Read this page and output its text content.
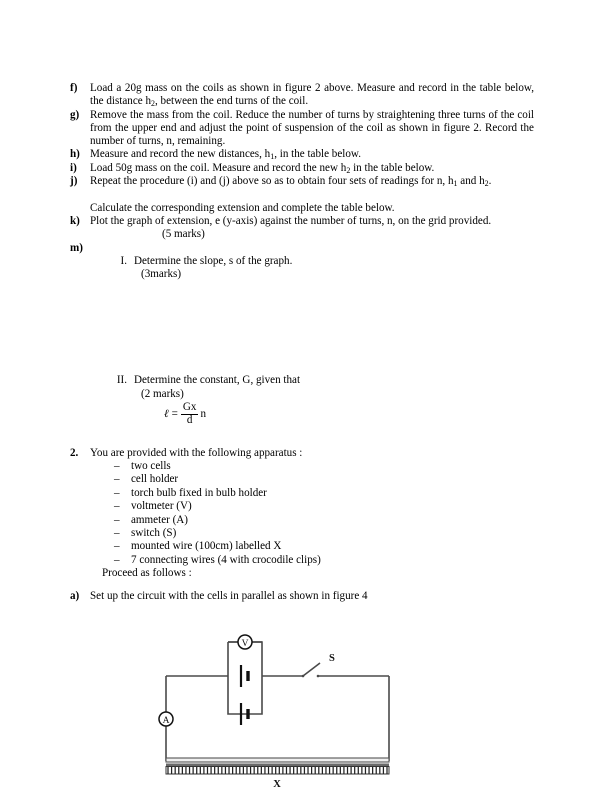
f)	Load a 20g mass on the coils as shown in figure 2 above. Measure and record in the table below, the distance $h_2$, between the end turns of the coil.
g) Remove the mass from the coil. Reduce the number of turns by straightening three turns of the coil from the upper end and adjust the point of suspension of the coil as shown in figure 2. Record the number of turns, n, remaining.
h) Measure and record the new distances, $h_1$, in the table below.
i)	Load 50g mass on the coil. Measure and record the new $h_2$ in the table below.
j)	Repeat the procedure (i) and (j) above so as to obtain four sets of readings for n, $h_1$ and $h_2$.
Calculate the corresponding extension and complete the table below.
k) Plot the graph of extension, e (y-axis) against the number of turns, n, on the grid provided.
(5 marks)
m)
I. Determine the slope, s of the graph.
(3marks)
II. Determine the constant, G, given that
(2 marks)
ℓ = $\frac{Gx}{d}$ n
2.	You are provided with the following apparatus :
–	two cells
–	cell holder
–	torch bulb fixed in bulb holder
–	voltmeter (V)
–	ammeter (A)
–	switch (S)
–	mounted wire (100cm) labelled X
–	7 connecting wires (4 with crocodile clips)
Proceed as follows :
a) Set up the circuit with the cells in parallel as shown in figure 4
S
V
A
X
